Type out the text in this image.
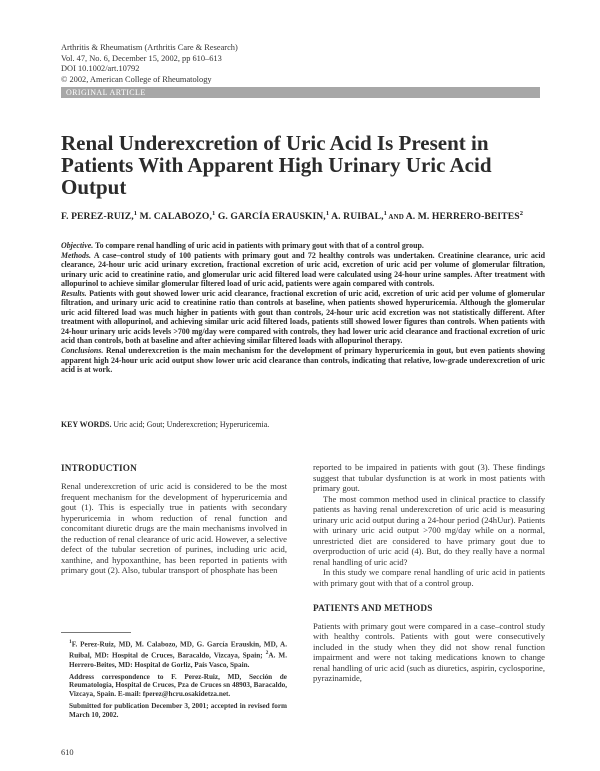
Arthritis & Rheumatism (Arthritis Care & Research)
Vol. 47, No. 6, December 15, 2002, pp 610–613
DOI 10.1002/art.10792
© 2002, American College of Rheumatology
ORIGINAL ARTICLE
Renal Underexcretion of Uric Acid Is Present in Patients With Apparent High Urinary Uric Acid Output
F. PEREZ-RUIZ,$^1$ M. CALABOZO,$^1$ G. GARCÍA ERAUSKIN,$^1$ A. RUIBAL,$^1$ AND A. M. HERRERO-BEITES$^2$

Objective. To compare renal handling of uric acid in patients with primary gout with that of a control group.

Methods. A case–control study of 100 patients with primary gout and 72 healthy controls was undertaken. Creatinine clearance, uric acid clearance, 24-hour uric acid urinary excretion, fractional excretion of uric acid, excretion of uric acid per volume of glomerular filtration, urinary uric acid to creatinine ratio, and glomerular uric acid filtered load were calculated using 24-hour urine samples. After treatment with allopurinol to achieve similar glomerular filtered load of uric acid, patients were again compared with controls.

Results. Patients with gout showed lower uric acid clearance, fractional excretion of uric acid, excretion of uric acid per volume of glomerular filtration, and urinary uric acid to creatinine ratio than controls at baseline, when patients showed hyperuricemia. Although the glomerular uric acid filtered load was much higher in patients with gout than controls, 24-hour uric acid excretion was not statistically different. After treatment with allopurinol, and achieving similar uric acid filtered loads, patients still showed lower figures than controls. When patients with 24-hour urinary uric acids levels >700 mg/day were compared with controls, they had lower uric acid clearance and fractional excretion of uric acid than controls, both at baseline and after achieving similar filtered loads with allopurinol therapy.

Conclusions. Renal underexcretion is the main mechanism for the development of primary hyperuricemia in gout, but even patients showing apparent high 24-hour uric acid output show lower uric acid clearance than controls, indicating that relative, low-grade underexcretion of uric acid is at work.

KEY WORDS. Uric acid; Gout; Underexcretion; Hyperuricemia.
INTRODUCTION

Renal underexcretion of uric acid is considered to be the most frequent mechanism for the development of hyperuricemia and gout (1). This is especially true in patients with secondary hyperuricemia in whom reduction of renal function and concomitant diuretic drugs are the main mechanisms involved in the reduction of renal clearance of uric acid. However, a selective defect of the tubular secretion of purines, including uric acid, xanthine, and hypoxanthine, has been reported in patients with primary gout (2). Also, tubular transport of phosphate has been

$^1$F. Perez-Ruiz, MD, M. Calabozo, MD, G. García Erauskin, MD, A. Ruibal, MD: Hospital de Cruces, Baracaldo, Vizcaya, Spain; $^2$A. M. Herrero-Beites, MD: Hospital de Gorliz, País Vasco, Spain.

Address correspondence to F. Perez-Ruiz, MD, Sección de Reumatología, Hospital de Cruces, Pza de Cruces sn 48903, Baracaldo, Vizcaya, Spain. E-mail: fperez@hcru.osakidetza.net.

Submitted for publication December 3, 2001; accepted in revised form March 10, 2002.

reported to be impaired in patients with gout (3). These findings suggest that tubular dysfunction is at work in most patients with primary gout.

The most common method used in clinical practice to classify patients as having renal underexcretion of uric acid is measuring urinary uric acid output during a 24-hour period (24hUur). Patients with urinary uric acid output >700 mg/day while on a normal, unrestricted diet are considered to have primary gout due to overproduction of uric acid (4). But, do they really have a normal renal handling of uric acid?

In this study we compare renal handling of uric acid in patients with primary gout with that of a control group.

PATIENTS AND METHODS

Patients with primary gout were compared in a case–control study with healthy controls. Patients with gout were consecutively included in the study when they did not show renal function impairment and were not taking medications known to change renal handling of uric acid (such as diuretics, aspirin, cyclosporine, pyrazinamide,

610
